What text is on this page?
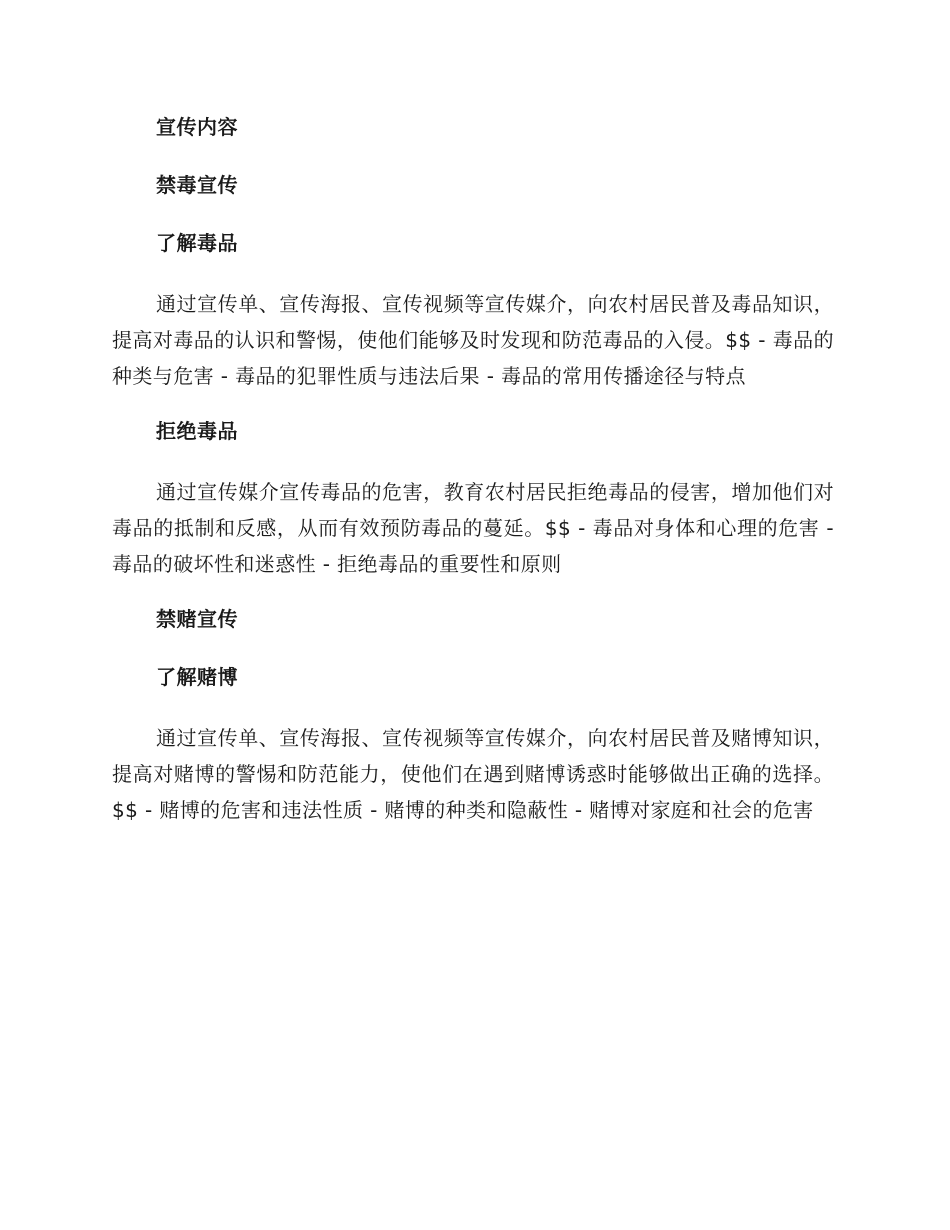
宣传内容
禁毒宣传
了解毒品

通过宣传单、宣传海报、宣传视频等宣传媒介，向农村居民普及毒品知识，提高对毒品的认识和警惕，使他们能够及时发现和防范毒品的入侵。$$ - 毒品的种类与危害 - 毒品的犯罪性质与违法后果 - 毒品的常用传播途径与特点

拒绝毒品

通过宣传媒介宣传毒品的危害，教育农村居民拒绝毒品的侵害，增加他们对毒品的抵制和反感，从而有效预防毒品的蔓延。$$ - 毒品对身体和心理的危害 - 毒品的破坏性和迷惑性 - 拒绝毒品的重要性和原则

禁赌宣传
了解赌博

通过宣传单、宣传海报、宣传视频等宣传媒介，向农村居民普及赌博知识，提高对赌博的警惕和防范能力，使他们在遇到赌博诱惑时能够做出正确的选择。$$ - 赌博的危害和违法性质 - 赌博的种类和隐蔽性 - 赌博对家庭和社会的危害
